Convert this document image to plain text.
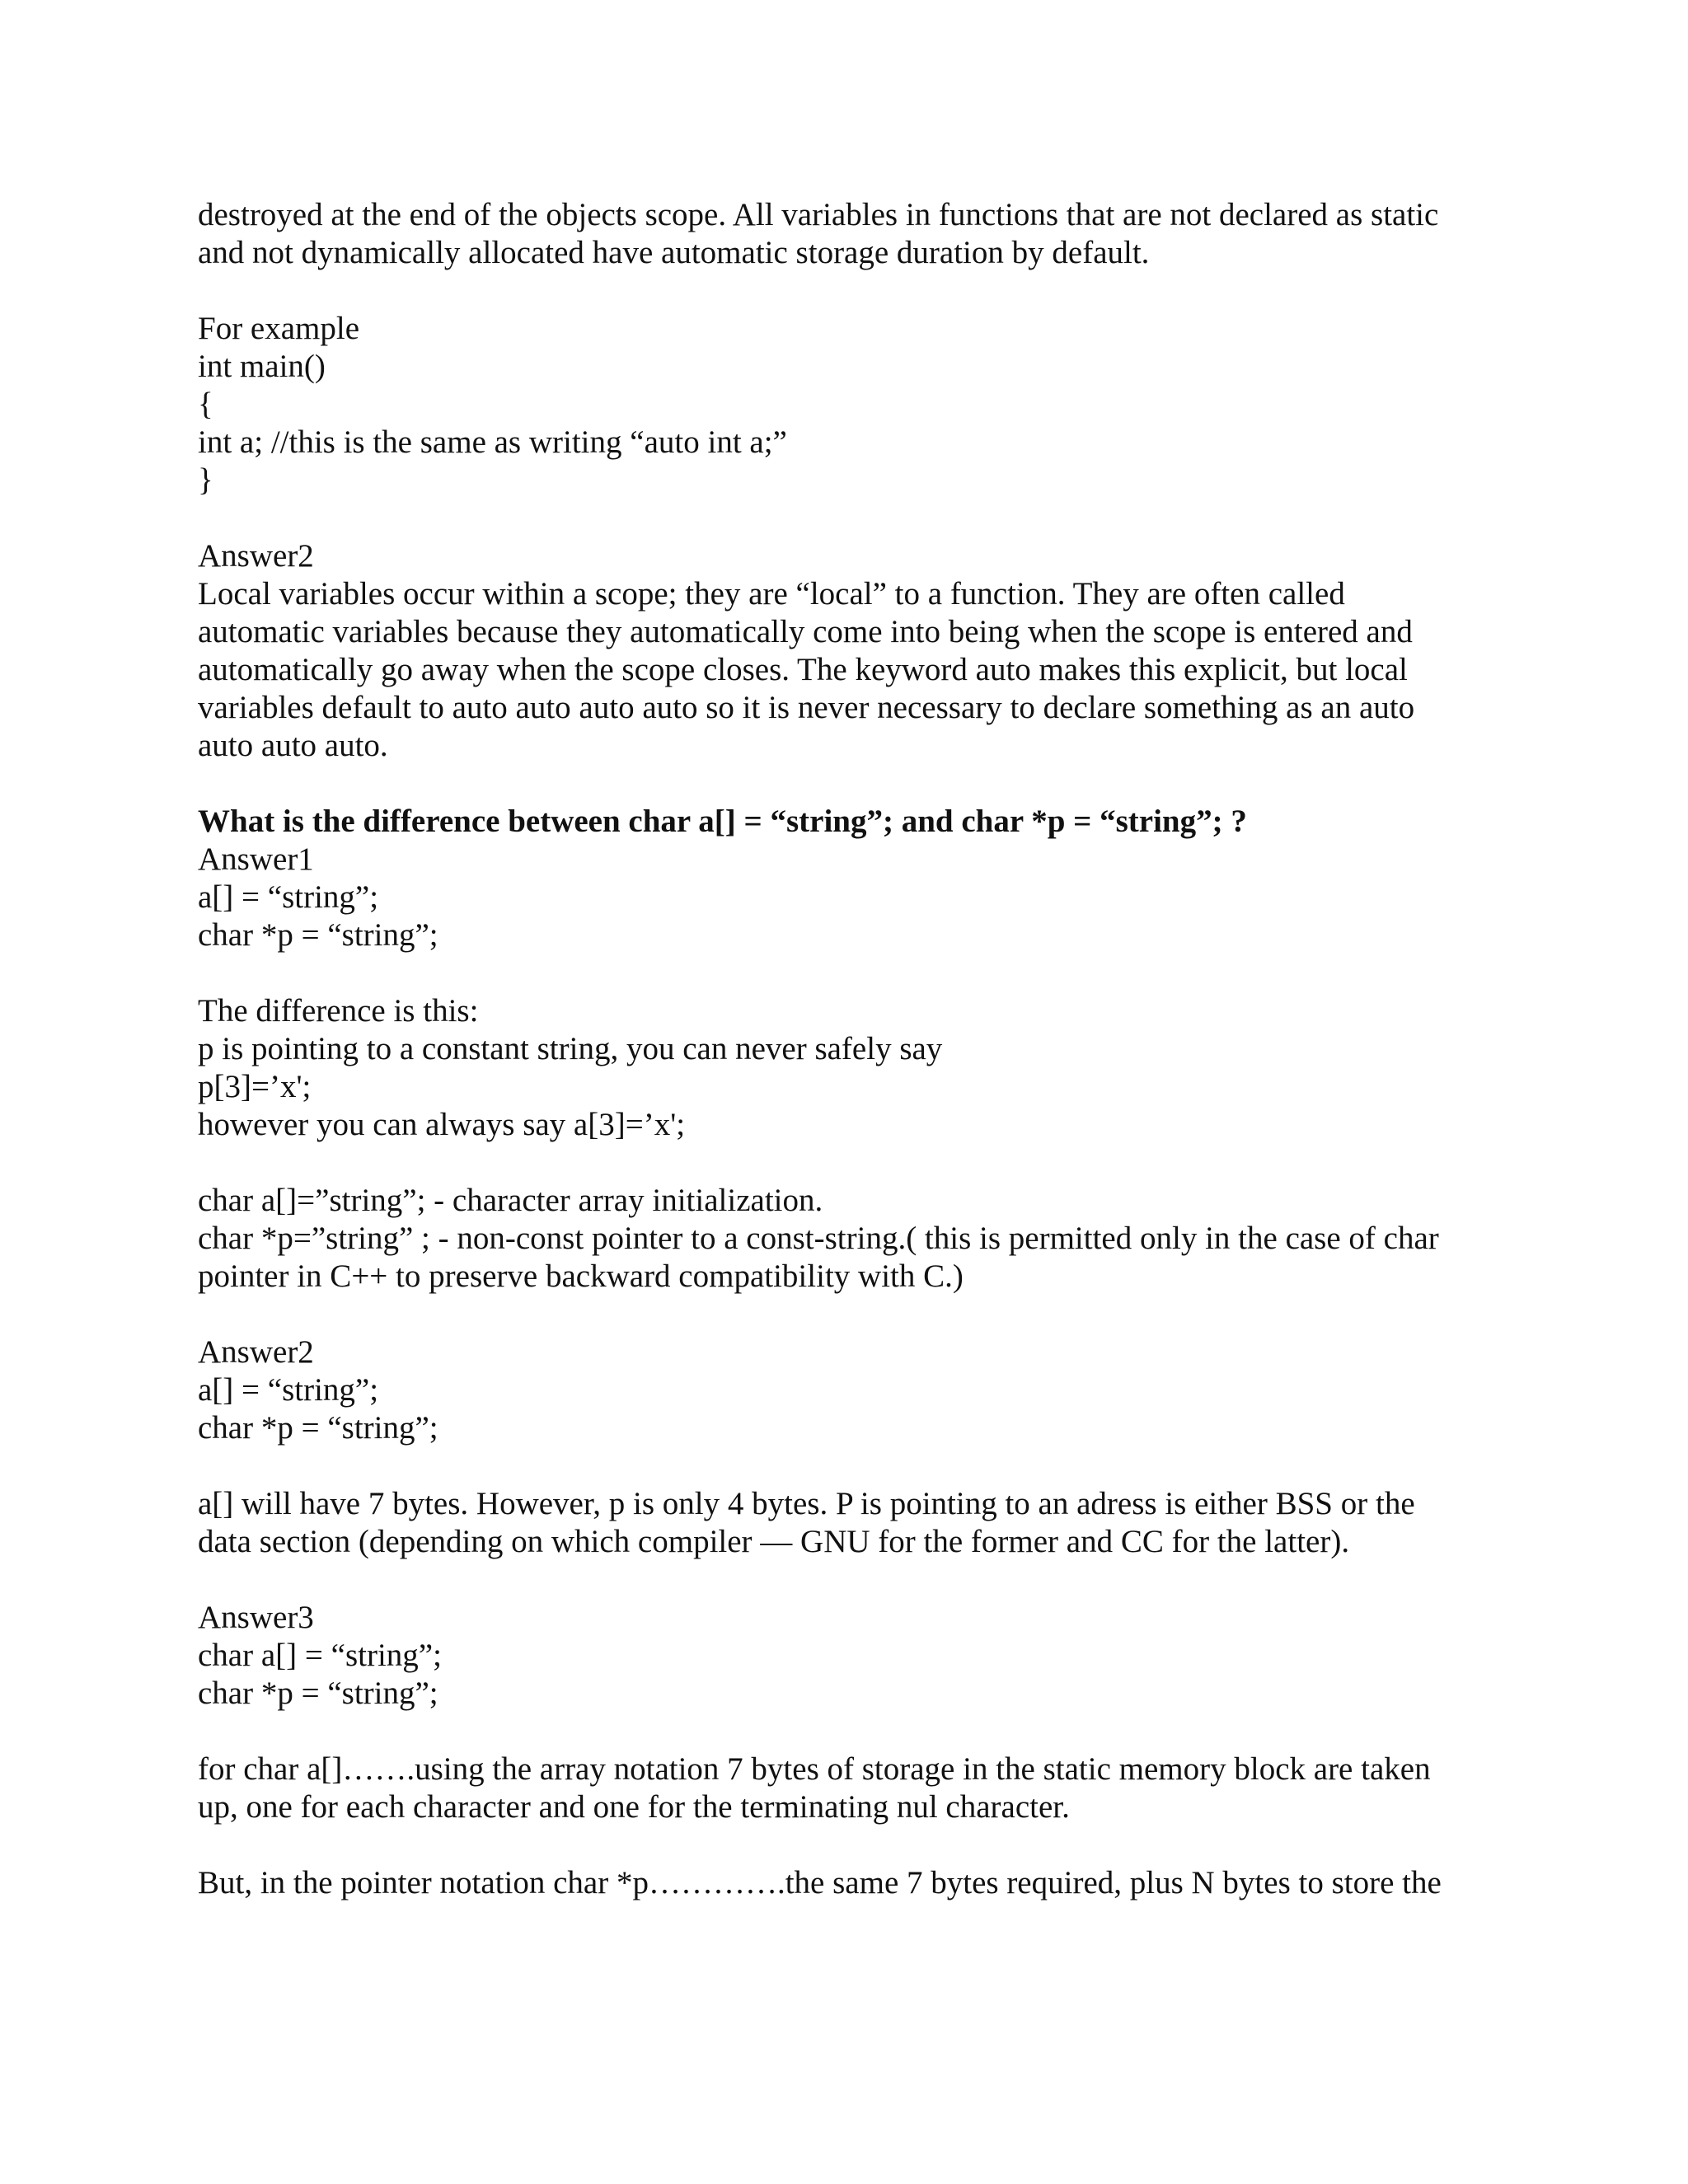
destroyed at the end of the objects scope. All variables in functions that are not declared as static
and not dynamically allocated have automatic storage duration by default.
For example
int main()
{
int a; //this is the same as writing “auto int a;”
}
Answer2
Local variables occur within a scope; they are “local” to a function. They are often called
automatic variables because they automatically come into being when the scope is entered and
automatically go away when the scope closes. The keyword auto makes this explicit, but local
variables default to auto auto auto auto so it is never necessary to declare something as an auto
auto auto auto.
What is the difference between char a[] = “string”; and char *p = “string”; ?
Answer1
a[] = “string”;
char *p = “string”;
The difference is this:
p is pointing to a constant string, you can never safely say
p[3]=’x';
however you can always say a[3]=’x';
char a[]=”string”; - character array initialization.
char *p=”string” ; - non-const pointer to a const-string.( this is permitted only in the case of char
pointer in C++ to preserve backward compatibility with C.)
Answer2
a[] = “string”;
char *p = “string”;
a[] will have 7 bytes. However, p is only 4 bytes. P is pointing to an adress is either BSS or the
data section (depending on which compiler — GNU for the former and CC for the latter).
Answer3
char a[] = “string”;
char *p = “string”;
for char a[]…….using the array notation 7 bytes of storage in the static memory block are taken
up, one for each character and one for the terminating nul character.
But, in the pointer notation char *p………….the same 7 bytes required, plus N bytes to store the
